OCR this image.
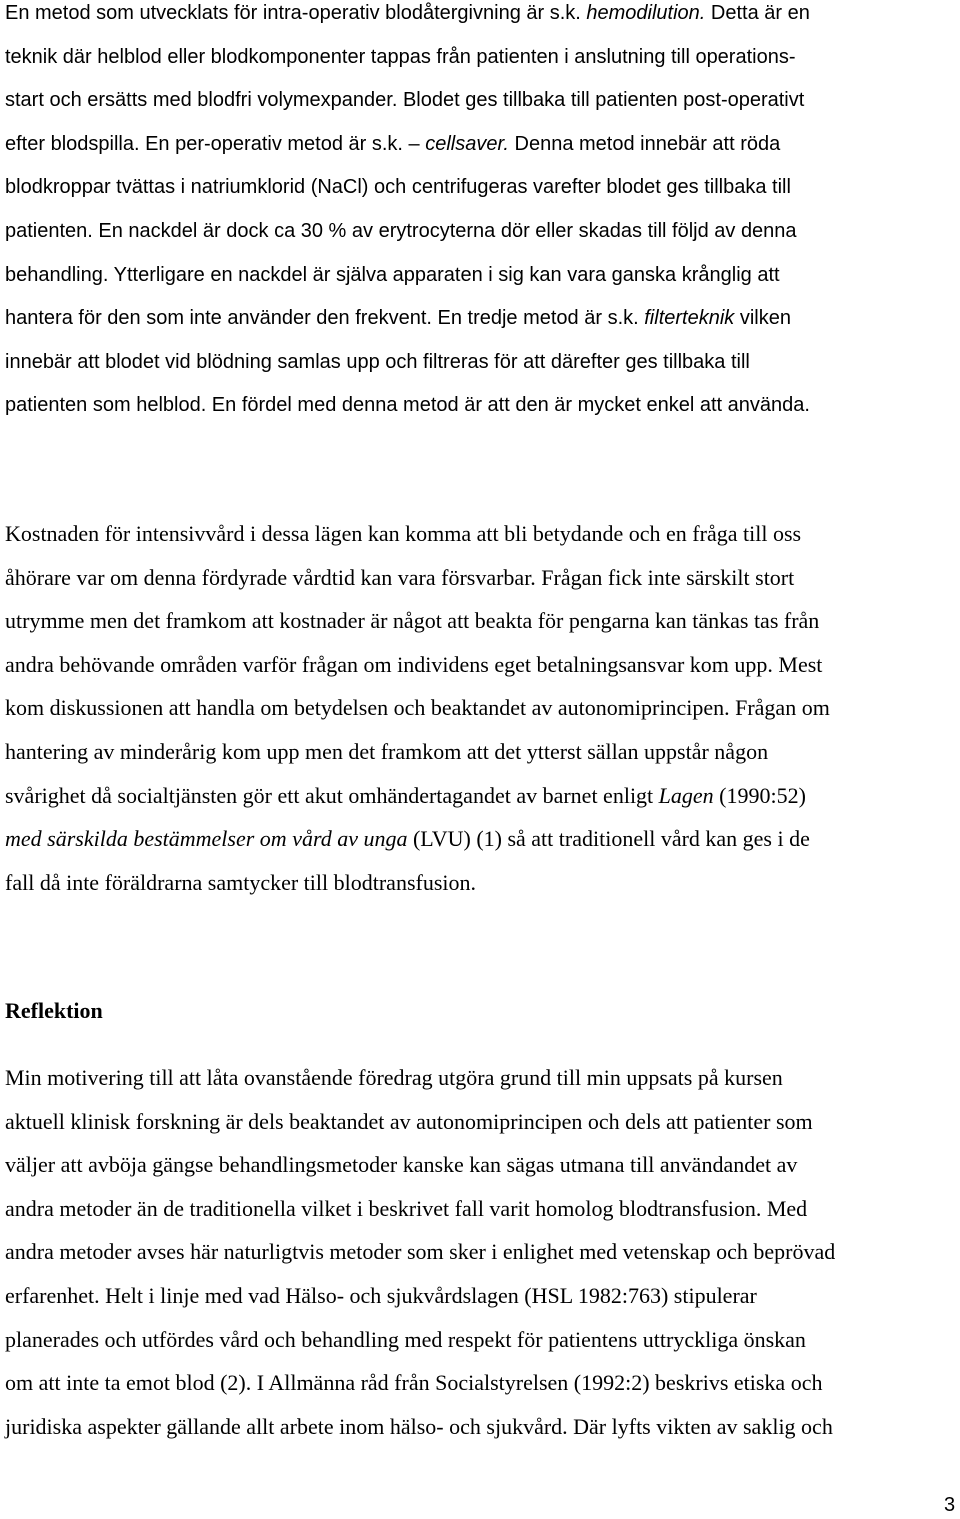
En metod som utvecklats för intra-operativ blodåtergivning är s.k. hemodilution. Detta är en
teknik där helblod eller blodkomponenter tappas från patienten i anslutning till operations-
start och ersätts med blodfri volymexpander. Blodet ges tillbaka till patienten post-operativt
efter blodspilla. En per-operativ metod är s.k. – cellsaver. Denna metod innebär att röda
blodkroppar tvättas i natriumklorid (NaCl) och centrifugeras varefter blodet ges tillbaka till
patienten. En nackdel är dock ca 30 % av erytrocyterna dör eller skadas till följd av denna
behandling. Ytterligare en nackdel är själva apparaten i sig kan vara ganska krånglig att
hantera för den som inte använder den frekvent. En tredje metod är s.k. filterteknik vilken
innebär att blodet vid blödning samlas upp och filtreras för att därefter ges tillbaka till
patienten som helblod. En fördel med denna metod är att den är mycket enkel att använda.
Kostnaden för intensivvård i dessa lägen kan komma att bli betydande och en fråga till oss
åhörare var om denna fördyrade vårdtid kan vara försvarbar. Frågan fick inte särskilt stort
utrymme men det framkom att kostnader är något att beakta för pengarna kan tänkas tas från
andra behövande områden varför frågan om individens eget betalningsansvar kom upp. Mest
kom diskussionen att handla om betydelsen och beaktandet av autonomiprincipen. Frågan om
hantering av minderårig kom upp men det framkom att det ytterst sällan uppstår någon
svårighet då socialtjänsten gör ett akut omhändertagandet av barnet enligt Lagen (1990:52)
med särskilda bestämmelser om vård av unga (LVU) (1) så att traditionell vård kan ges i de
fall då inte föräldrarna samtycker till blodtransfusion.
Reflektion
Min motivering till att låta ovanstående föredrag utgöra grund till min uppsats på kursen
aktuell klinisk forskning är dels beaktandet av autonomiprincipen och dels att patienter som
väljer att avböja gängse behandlingsmetoder kanske kan sägas utmana till användandet av
andra metoder än de traditionella vilket i beskrivet fall varit homolog blodtransfusion. Med
andra metoder avses här naturligtvis metoder som sker i enlighet med vetenskap och beprövad
erfarenhet. Helt i linje med vad Hälso- och sjukvårdslagen (HSL 1982:763) stipulerar
planerades och utfördes vård och behandling med respekt för patientens uttryckliga önskan
om att inte ta emot blod (2). I Allmänna råd från Socialstyrelsen (1992:2) beskrivs etiska och
juridiska aspekter gällande allt arbete inom hälso- och sjukvård. Där lyfts vikten av saklig och
3
